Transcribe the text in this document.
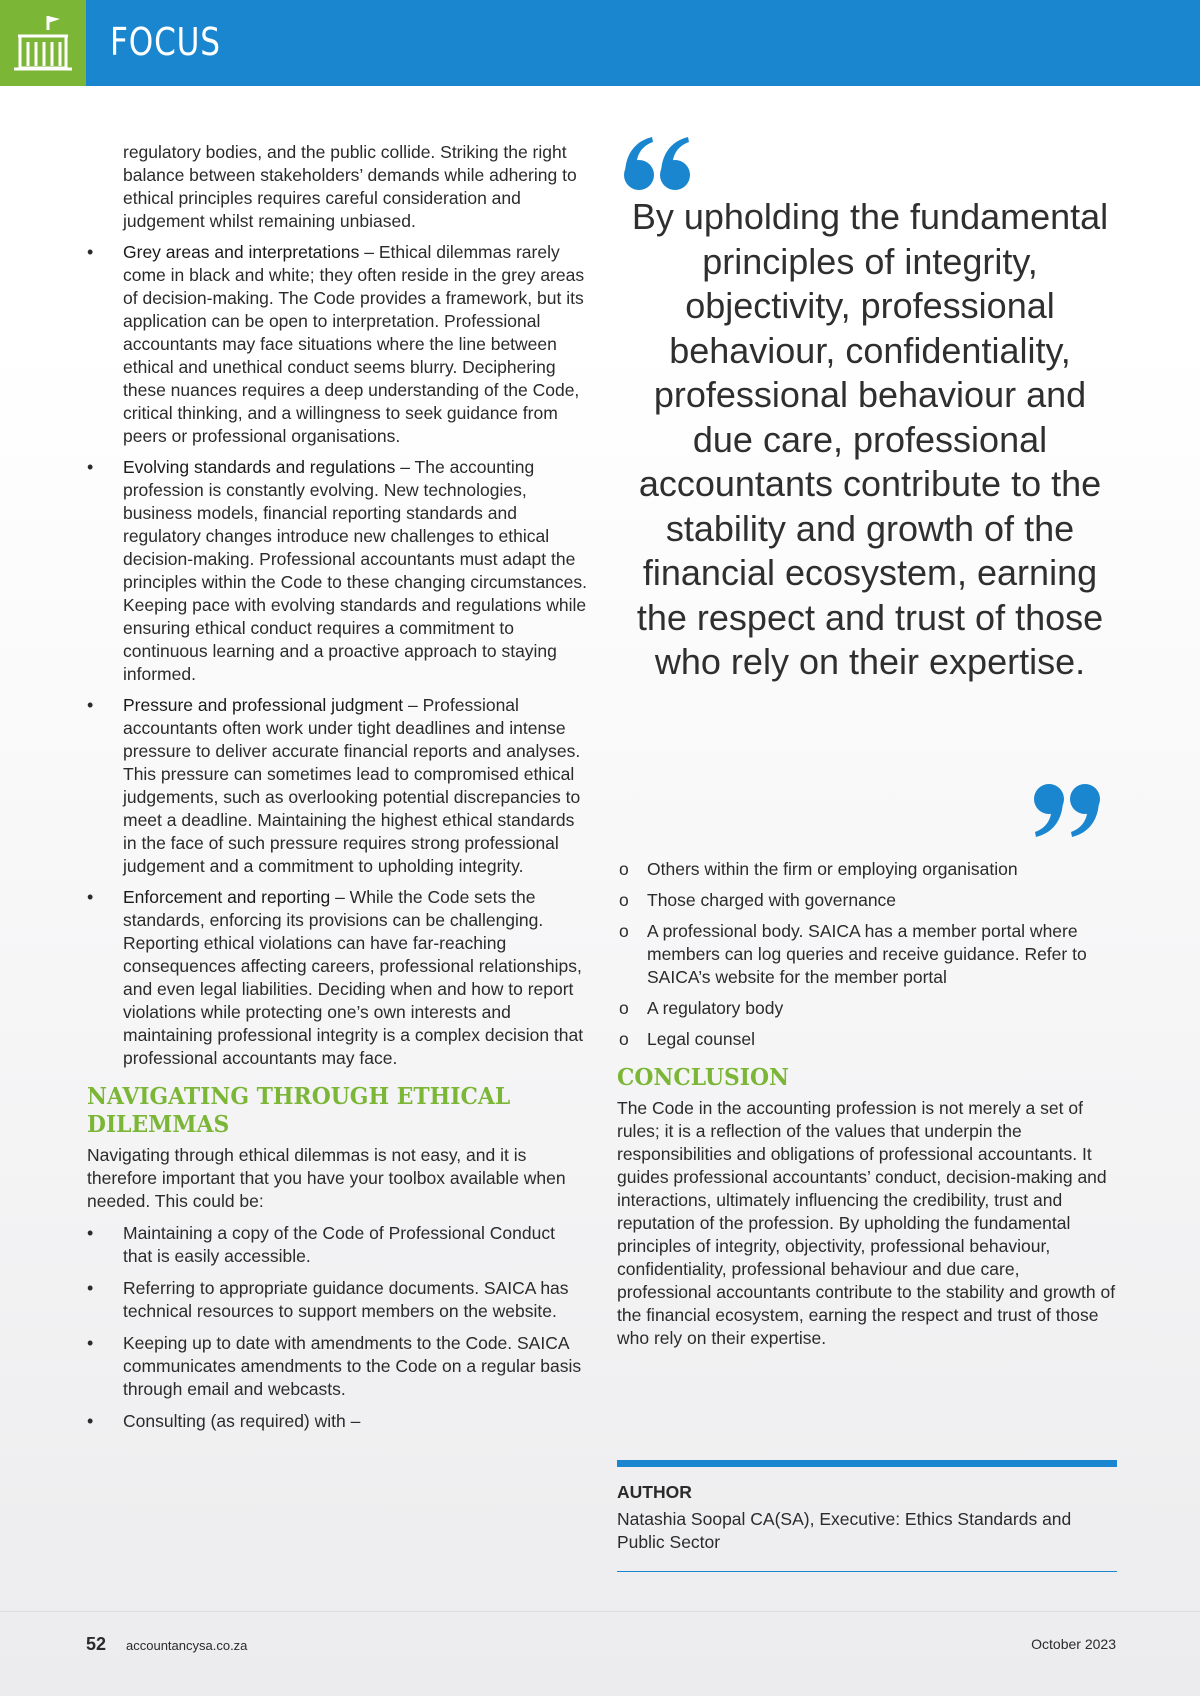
FOCUS

regulatory bodies, and the public collide. Striking the right balance between stakeholders’ demands while adhering to ethical principles requires careful consideration and judgement whilst remaining unbiased.

• Grey areas and interpretations – Ethical dilemmas rarely come in black and white; they often reside in the grey areas of decision-making. The Code provides a framework, but its application can be open to interpretation. Professional accountants may face situations where the line between ethical and unethical conduct seems blurry. Deciphering these nuances requires a deep understanding of the Code, critical thinking, and a willingness to seek guidance from peers or professional organisations.
• Evolving standards and regulations – The accounting profession is constantly evolving. New technologies, business models, financial reporting standards and regulatory changes introduce new challenges to ethical decision-making. Professional accountants must adapt the principles within the Code to these changing circumstances. Keeping pace with evolving standards and regulations while ensuring ethical conduct requires a commitment to continuous learning and a proactive approach to staying informed.
• Pressure and professional judgment – Professional accountants often work under tight deadlines and intense pressure to deliver accurate financial reports and analyses. This pressure can sometimes lead to compromised ethical judgements, such as overlooking potential discrepancies to meet a deadline. Maintaining the highest ethical standards in the face of such pressure requires strong professional judgement and a commitment to upholding integrity.
• Enforcement and reporting – While the Code sets the standards, enforcing its provisions can be challenging. Reporting ethical violations can have far-reaching consequences affecting careers, professional relationships, and even legal liabilities. Deciding when and how to report violations while protecting one’s own interests and maintaining professional integrity is a complex decision that professional accountants may face.
NAVIGATING THROUGH ETHICAL DILEMMAS

Navigating through ethical dilemmas is not easy, and it is therefore important that you have your toolbox available when needed. This could be:

• Maintaining a copy of the Code of Professional Conduct that is easily accessible.
• Referring to appropriate guidance documents. SAICA has technical resources to support members on the website.
• Keeping up to date with amendments to the Code. SAICA communicates amendments to the Code on a regular basis through email and webcasts.
• Consulting (as required) with –
By upholding the fundamental principles of integrity, objectivity, professional behaviour, confidentiality, professional behaviour and due care, professional accountants contribute to the stability and growth of the financial ecosystem, earning the respect and trust of those who rely on their expertise.
o Others within the firm or employing organisation
o Those charged with governance
o A professional body. SAICA has a member portal where members can log queries and receive guidance. Refer to SAICA’s website for the member portal
o A regulatory body
o Legal counsel
CONCLUSION

The Code in the accounting profession is not merely a set of rules; it is a reflection of the values that underpin the responsibilities and obligations of professional accountants. It guides professional accountants’ conduct, decision-making and interactions, ultimately influencing the credibility, trust and reputation of the profession. By upholding the fundamental principles of integrity, objectivity, professional behaviour, confidentiality, professional behaviour and due care, professional accountants contribute to the stability and growth of the financial ecosystem, earning the respect and trust of those who rely on their expertise.

AUTHOR
Natashia Soopal CA(SA), Executive: Ethics Standards and Public Sector
52 accountancysa.co.za	October 2023
